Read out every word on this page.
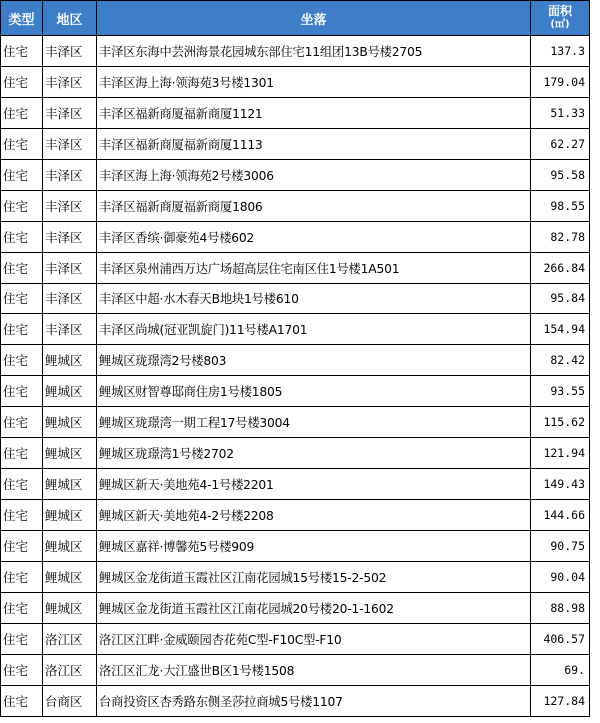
类型	地区	坐落	面积
(㎡)

住宅	丰泽区	丰泽区东海中芸洲海景花园城东部住宅11组团13B号楼2705	137.3
住宅	丰泽区	丰泽区海上海·领海苑3号楼1301	179.04
住宅	丰泽区	丰泽区福新商厦福新商厦1121	51.33
住宅	丰泽区	丰泽区福新商厦福新商厦1113	62.27
住宅	丰泽区	丰泽区海上海·领海苑2号楼3006	95.58
住宅	丰泽区	丰泽区福新商厦福新商厦1806	98.55
住宅	丰泽区	丰泽区香缤·御豪苑4号楼602	82.78
住宅	丰泽区	丰泽区泉州浦西万达广场超高层住宅南区住1号楼1A501	266.84
住宅	丰泽区	丰泽区中超·水木春天B地块1号楼610	95.84
住宅	丰泽区	丰泽区尚城(冠亚凯旋门)11号楼A1701	154.94
住宅	鲤城区	鲤城区珑璟湾2号楼803	82.42
住宅	鲤城区	鲤城区财智尊邸商住房1号楼1805	93.55
住宅	鲤城区	鲤城区珑璟湾一期工程17号楼3004	115.62
住宅	鲤城区	鲤城区珑璟湾1号楼2702	121.94
住宅	鲤城区	鲤城区新天·美地苑4-1号楼2201	149.43
住宅	鲤城区	鲤城区新天·美地苑4-2号楼2208	144.66
住宅	鲤城区	鲤城区嘉祥·博馨苑5号楼909	90.75
住宅	鲤城区	鲤城区金龙街道玉霞社区江南花园城15号楼15-2-502	90.04
住宅	鲤城区	鲤城区金龙街道玉霞社区江南花园城20号楼20-1-1602	88.98
住宅	洛江区	洛江区江畔·金威颐园杏花苑C型-F10C型-F10	406.57
住宅	洛江区	洛江区汇龙·大江盛世B区1号楼1508	69.
住宅	台商区	台商投资区杏秀路东侧圣莎拉商城5号楼1107	127.84
